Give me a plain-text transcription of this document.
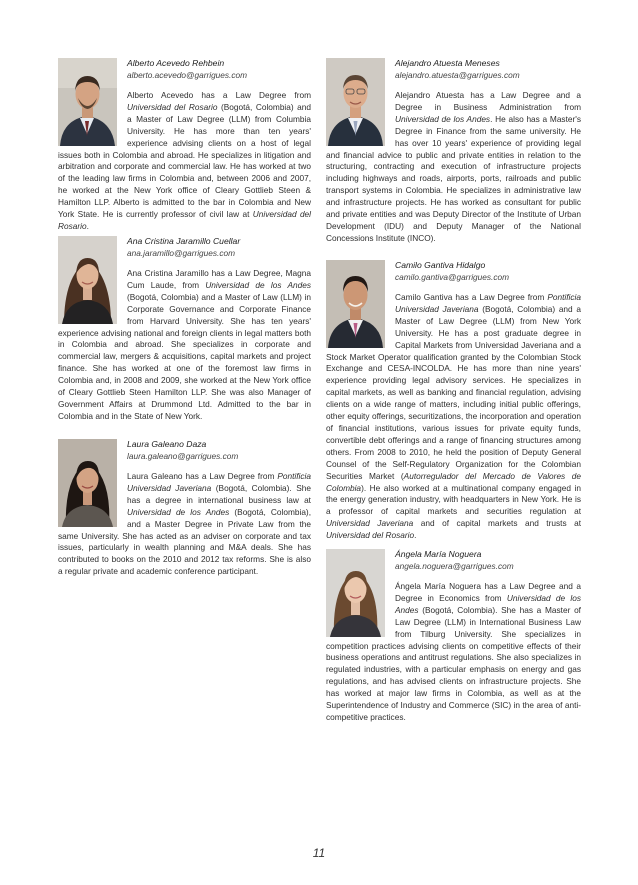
Alberto Acevedo Rehbein
alberto.acevedo@garrigues.com

Alberto Acevedo has a Law Degree from Universidad del Rosario (Bogotá, Colombia) and a Master of Law Degree (LLM) from Columbia University. He has more than ten years' experience advising clients on a host of legal issues both in Colombia and abroad. He specializes in litigation and arbitration and corporate and commercial law. He has worked at two of the leading law firms in Colombia and, between 2006 and 2007, he worked at the New York office of Cleary Gottlieb Steen & Hamilton LLP. Alberto is admitted to the bar in Colombia and New York State. He is currently professor of civil law at Universidad del Rosario.

Ana Cristina Jaramillo Cuellar
ana.jaramillo@garrigues.com

Ana Cristina Jaramillo has a Law Degree, Magna Cum Laude, from Universidad de los Andes (Bogotá, Colombia) and a Master of Law (LLM) in Corporate Governance and Corporate Finance from Harvard University. She has ten years' experience advising national and foreign clients in legal matters both in Colombia and abroad. She specializes in corporate and commercial law, mergers & acquisitions, capital markets and project finance. She has worked at one of the foremost law firms in Colombia and, in 2008 and 2009, she worked at the New York office of Cleary Gottlieb Steen Hamilton LLP. She was also Manager of Government Affairs at Drummond Ltd. Admitted to the bar in Colombia and in the State of New York.

Laura Galeano Daza
laura.galeano@garrigues.com

Laura Galeano has a Law Degree from Pontificia Universidad Javeriana (Bogotá, Colombia). She has a degree in international business law at Universidad de los Andes (Bogotá, Colombia), and a Master Degree in Private Law from the same University. She has acted as an adviser on corporate and tax issues, particularly in wealth planning and M&A deals. She has contributed to books on the 2010 and 2012 tax reforms. She is also a regular private and academic conference participant.

Alejandro Atuesta Meneses
alejandro.atuesta@garrigues.com

Alejandro Atuesta has a Law Degree and a Degree in Business Administration from Universidad de los Andes. He also has a Master's Degree in Finance from the same university. He has over 10 years' experience of providing legal and financial advice to public and private entities in relation to the structuring, contracting and execution of infrastructure projects including highways and roads, airports, ports, railroads and public transport systems in Colombia. He specializes in administrative law and infrastructure projects. He has worked as consultant for public and private entities and was Deputy Director of the Institute of Urban Development (IDU) and Deputy Manager of the National Concessions Institute (INCO).

Camilo Gantiva Hidalgo
camilo.gantiva@garrigues.com

Camilo Gantiva has a Law Degree from Pontificia Universidad Javeriana (Bogotá, Colombia) and a Master of Law Degree (LLM) from New York University. He has a post graduate degree in Capital Markets from Universidad Javeriana and a Stock Market Operator qualification granted by the Colombian Stock Exchange and CESA-INCOLDA. He has more than nine years' experience providing legal advisory services. He specializes in capital markets, as well as banking and financial regulation, advising clients on a wide range of matters, including initial public offerings, other equity offerings, securitizations, the incorporation and operation of financial institutions, various issues for private equity funds, convertible debt offerings and a range of financing structures among others. From 2008 to 2010, he held the position of Deputy General Counsel of the Self-Regulatory Organization for the Colombian Securities Market (Autorregulador del Mercado de Valores de Colombia). He also worked at a multinational company engaged in the energy generation industry, with headquarters in New York. He is a professor of capital markets and securities regulation at Universidad Javeriana and of capital markets and trusts at Universidad del Rosario.

Ángela María Noguera
angela.noguera@garrigues.com

Ángela María Noguera has a Law Degree and a Degree in Economics from Universidad de los Andes (Bogotá, Colombia). She has a Master of Law Degree (LLM) in International Business Law from Tilburg University. She specializes in competition practices advising clients on competitive effects of their business operations and antitrust regulations. She also specializes in regulated industries, with a particular emphasis on energy and gas regulations, and has advised clients on infrastructure projects. She has worked at major law firms in Colombia, as well as at the Superintendence of Industry and Commerce (SIC) in the area of anti-competitive practices.

11
